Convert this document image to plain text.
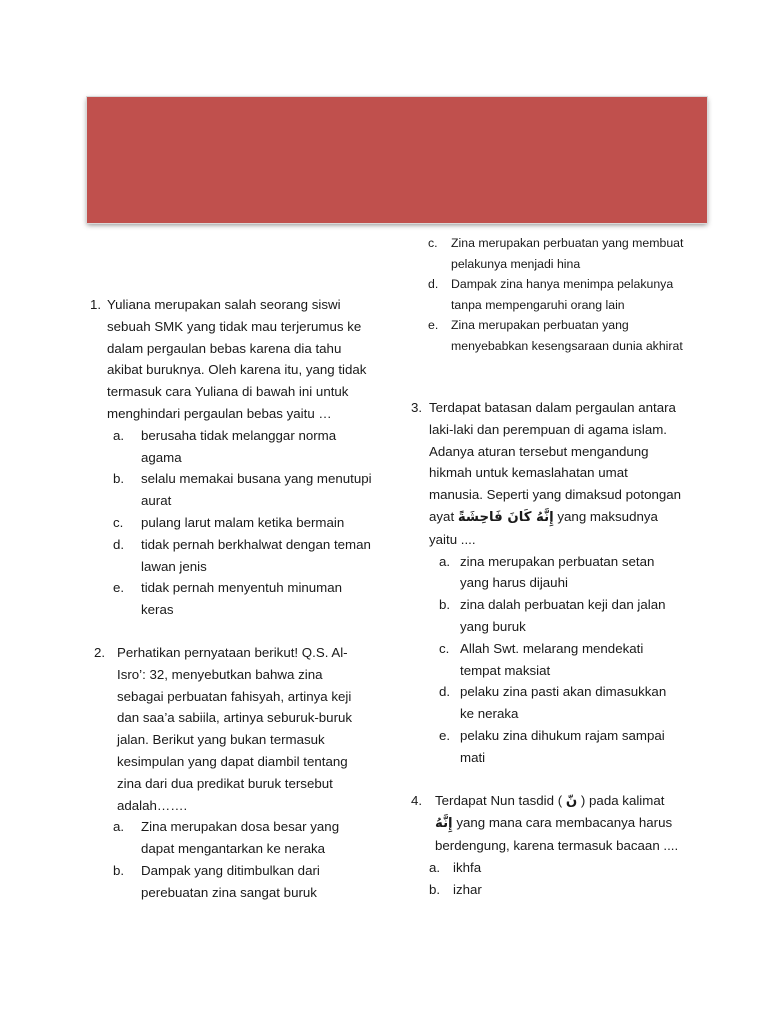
1. Yuliana merupakan salah seorang siswi sebuah SMK yang tidak mau terjerumus ke dalam pergaulan bebas karena dia tahu akibat buruknya. Oleh karena itu, yang tidak termasuk cara Yuliana di bawah ini untuk menghindari pergaulan bebas yaitu …
a. berusaha tidak melanggar norma agama
b. selalu memakai busana yang menutupi aurat
c. pulang larut malam ketika bermain
d. tidak pernah berkhalwat dengan teman lawan jenis
e. tidak pernah menyentuh minuman keras
2. Perhatikan pernyataan berikut! Q.S. Al-Isro’: 32, menyebutkan bahwa zina sebagai perbuatan fahisyah, artinya keji dan saa’a sabiila, artinya seburuk-buruk jalan. Berikut yang bukan termasuk kesimpulan yang dapat diambil tentang zina dari dua predikat buruk tersebut adalah…….
a. Zina merupakan dosa besar yang dapat mengantarkan ke neraka
b. Dampak yang ditimbulkan dari perebuatan zina sangat buruk
c. Zina merupakan perbuatan yang membuat pelakunya menjadi hina
d. Dampak zina hanya menimpa pelakunya tanpa mempengaruhi orang lain
e. Zina merupakan perbuatan yang menyebabkan kesengsaraan dunia akhirat
3. Terdapat batasan dalam pergaulan antara laki-laki dan perempuan di agama islam. Adanya aturan tersebut mengandung hikmah untuk kemaslahatan umat manusia. Seperti yang dimaksud potongan ayat إِنَّهُ كَانَ فَاحِشَةً yang maksudnya yaitu ....
a. zina merupakan perbuatan setan yang harus dijauhi
b. zina dalah perbuatan keji dan jalan yang buruk
c. Allah Swt. melarang mendekati tempat maksiat
d. pelaku zina pasti akan dimasukkan ke neraka
e. pelaku zina dihukum rajam sampai mati
4. Terdapat Nun tasdid ( نّ ) pada kalimat إِنَّهُ yang mana cara membacanya harus berdengung, karena termasuk bacaan ....
a. ikhfa
b. izhar
